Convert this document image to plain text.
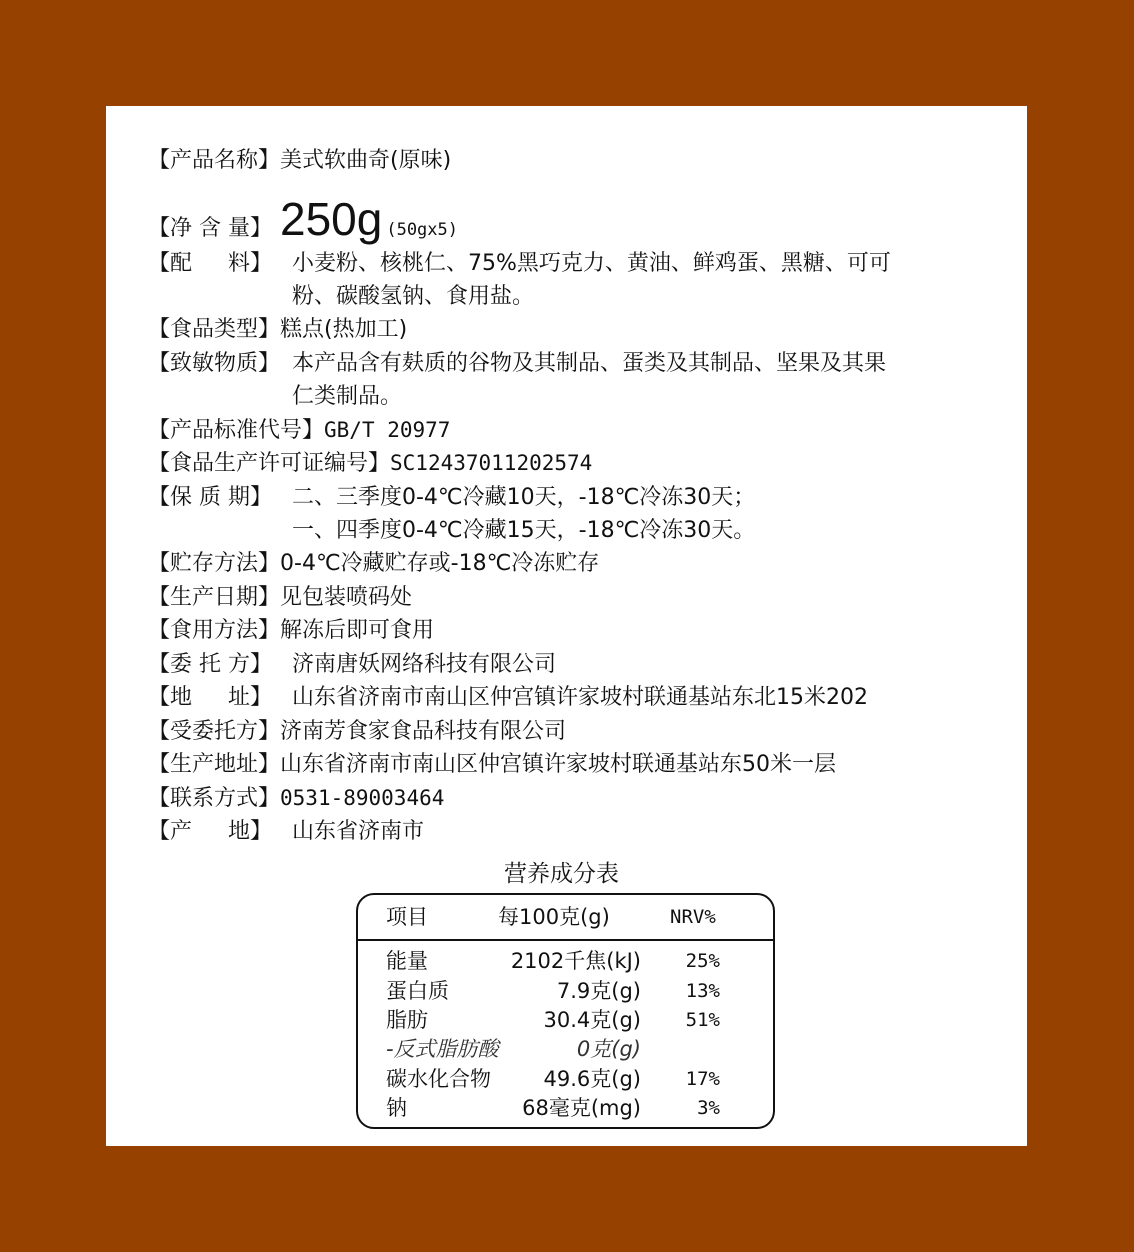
【产品名称】 美式软曲奇(原味)
【净 含 量】 250g (50gx5)
【配 料】 小麦粉、核桃仁、75%黑巧克力、黄油、鲜鸡蛋、黑糖、可可
粉、碳酸氢钠、食用盐。
【食品类型】 糕点(热加工)
【致敏物质】 本产品含有麸质的谷物及其制品、蛋类及其制品、坚果及其果
仁类制品。
【产品标准代号】 GB/T 20977
【食品生产许可证编号】 SC12437011202574
【保 质 期】 二、三季度0-4℃冷藏10天，-18℃冷冻30天；
一、四季度0-4℃冷藏15天，-18℃冷冻30天。
【贮存方法】 0-4℃冷藏贮存或-18℃冷冻贮存
【生产日期】 见包装喷码处
【食用方法】 解冻后即可食用
【委 托 方】 济南唐妖网络科技有限公司
【地 址】 山东省济南市南山区仲宫镇许家坡村联通基站东北15米202
【受委托方】 济南芳食家食品科技有限公司
【生产地址】 山东省济南市南山区仲宫镇许家坡村联通基站东50米一层
【联系方式】 0531-89003464
【产 地】 山东省济南市
营养成分表
项目	每100克(g)	NRV%
能量	2102千焦(kJ) 25%
蛋白质	7.9克(g) 13%
脂肪	30.4克(g) 51%
-反式脂肪酸	0克(g)
碳水化合物	49.6克(g) 17%
钠	68毫克(mg)	3%
